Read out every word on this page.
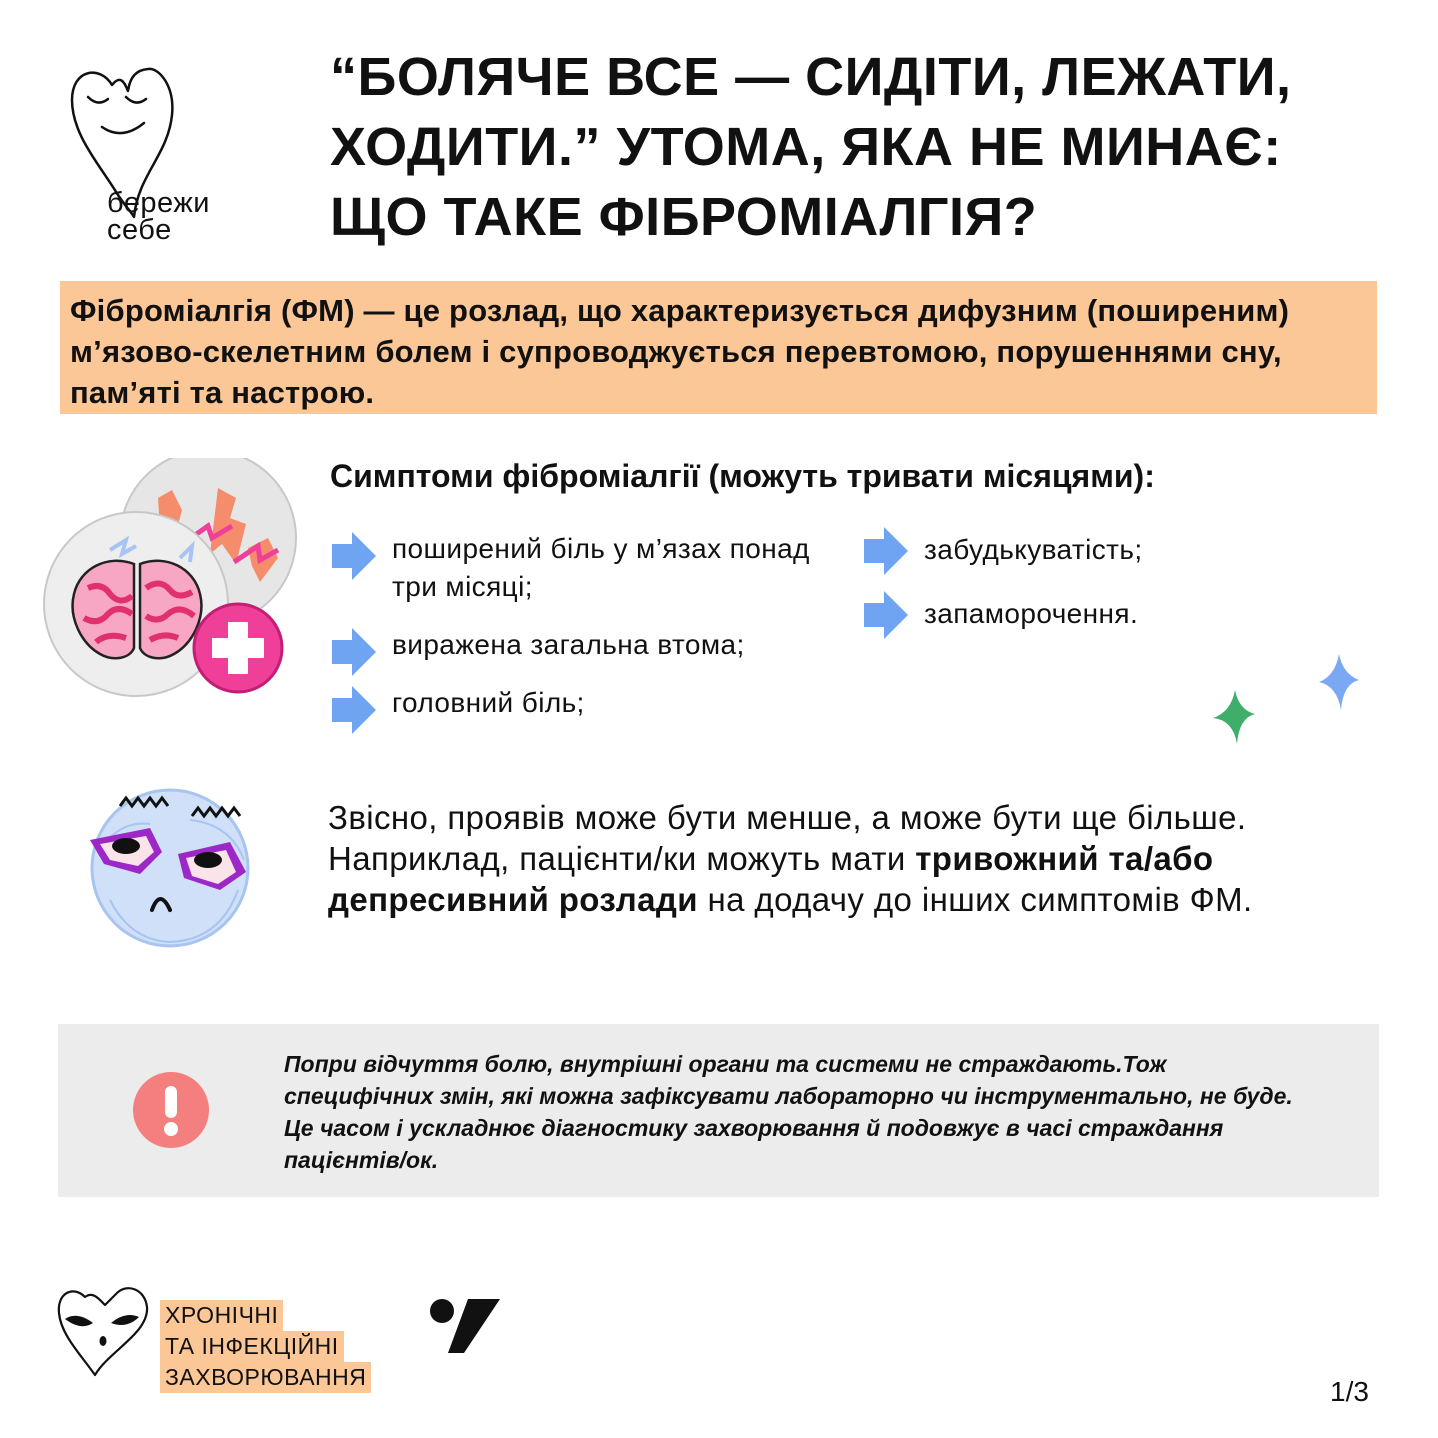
бережи
себе
“БОЛЯЧЕ ВСЕ — СИДІТИ, ЛЕЖАТИ, ХОДИТИ.” УТОМА, ЯКА НЕ МИНАЄ: ЩО ТАКЕ ФІБРОМІАЛГІЯ?
Фіброміалгія (ФМ) — це розлад, що характеризується дифузним (поширеним) м’язово-скелетним болем і супроводжується перевтомою, порушеннями сну, пам’яті та настрою.
Симптоми фіброміалгії (можуть тривати місяцями):
поширений біль у м’язах понад три місяці;
виражена загальна втома;
головний біль;
забудькуватість;
запаморочення.
Звісно, проявів може бути менше, а може бути ще більше. Наприклад, пацієнти/ки можуть мати тривожний та/або депресивний розлади на додачу до інших симптомів ФМ.
Попри відчуття болю, внутрішні органи та системи не страждають.Тож специфічних змін, які можна зафіксувати лабораторно чи інструментально, не буде. Це часом і ускладнює діагностику захворювання й подовжує в часі страждання пацієнтів/ок.
ХРОНІЧНІ
ТА ІНФЕКЦІЙНІ
ЗАХВОРЮВАННЯ	1/3
